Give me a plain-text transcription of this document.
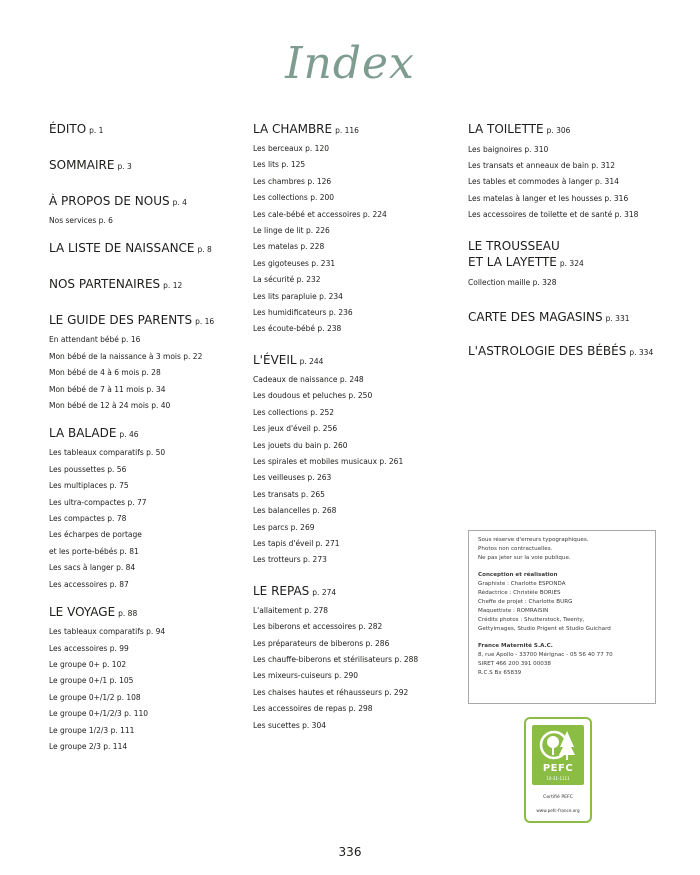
Index
ÉDITO p. 1
SOMMAIRE p. 3
À PROPOS DE NOUS p. 4
Nos services p. 6
LA LISTE DE NAISSANCE p. 8
NOS PARTENAIRES p. 12
LE GUIDE DES PARENTS p. 16
En attendant bébé p. 16
Mon bébé de la naissance à 3 mois p. 22
Mon bébé de 4 à 6 mois p. 28
Mon bébé de 7 à 11 mois p. 34
Mon bébé de 12 à 24 mois p. 40
LA BALADE p. 46
Les tableaux comparatifs p. 50
Les poussettes p. 56
Les multiplaces p. 75
Les ultra-compactes p. 77
Les compactes p. 78
Les écharpes de portage
et les porte-bébés p. 81
Les sacs à langer p. 84
Les accessoires p. 87
LE VOYAGE p. 88
Les tableaux comparatifs p. 94
Les accessoires p. 99
Le groupe 0+ p. 102
Le groupe 0+/1 p. 105
Le groupe 0+/1/2 p. 108
Le groupe 0+/1/2/3 p. 110
Le groupe 1/2/3 p. 111
Le groupe 2/3 p. 114
LA CHAMBRE p. 116
Les berceaux p. 120
Les lits p. 125
Les chambres p. 126
Les collections p. 200
Les cale-bébé et accessoires p. 224
Le linge de lit p. 226
Les matelas p. 228
Les gigoteuses p. 231
La sécurité p. 232
Les lits parapluie p. 234
Les humidificateurs p. 236
Les écoute-bébé p. 238
L'ÉVEIL p. 244
Cadeaux de naissance p. 248
Les doudous et peluches p. 250
Les collections p. 252
Les jeux d'éveil p. 256
Les jouets du bain p. 260
Les spirales et mobiles musicaux p. 261
Les veilleuses p. 263
Les transats p. 265
Les balancelles p. 268
Les parcs p. 269
Les tapis d'éveil p. 271
Les trotteurs p. 273
LE REPAS p. 274
L'allaitement p. 278
Les biberons et accessoires p. 282
Les préparateurs de biberons p. 286
Les chauffe-biberons et stérilisateurs p. 288
Les mixeurs-cuiseurs p. 290
Les chaises hautes et réhausseurs p. 292
Les accessoires de repas p. 298
Les sucettes p. 304
LA TOILETTE p. 306
Les baignoires p. 310
Les transats et anneaux de bain p. 312
Les tables et commodes à langer p. 314
Les matelas à langer et les housses p. 316
Les accessoires de toilette et de santé p. 318
LE TROUSSEAU
ET LA LAYETTE p. 324
Collection maille p. 328
CARTE DES MAGASINS p. 331
L'ASTROLOGIE DES BÉBÉS p. 334
Sous réserve d'erreurs typographiques.
Photos non contractuelles.
Ne pas jeter sur la voie publique.
Conception et réalisation
Graphiste : Charlotte ESPONDA
Rédactrice : Christèle BORIES
Cheffe de projet : Charlotte BURG
Maquettiste : ROMRAISIN
Crédits photos : Shutterstock, Twenty,
Gettyimages, Studio Prigent et Studio Guichard
France Maternité S.A.C.
8, rue Apollo - 33700 Mérignac - 05 56 40 77 70
SIRET 466 200 391 00038
R.C.S Bx 65839
PEFC
10-31-1111
Certifié PEFC
www.pefc-france.org
336
